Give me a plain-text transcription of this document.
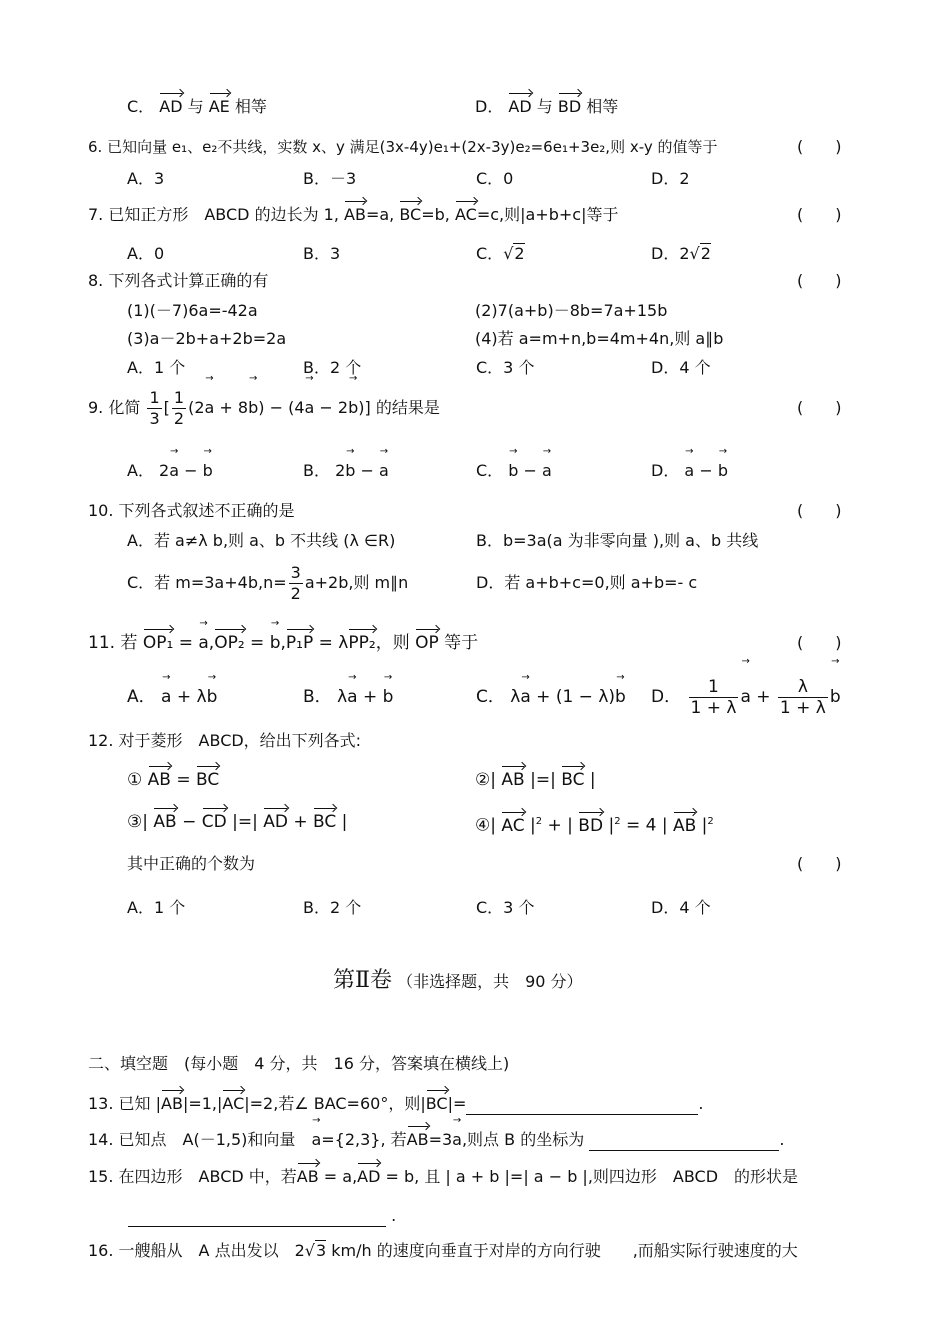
C． AD 与 AE 相等	D． AD 与 BD 相等
6. 已知向量 e₁、e₂不共线，实数 x、y 满足(3x-4y)e₁+(2x-3y)e₂=6e₁+3e₂,则 x-y 的值等于	(　　)
A．3	B．－3	C．0	D．2
7. 已知正方形　ABCD 的边长为 1, AB=a, BC=b, AC=c,则|a+b+c|等于	(　　)
A．0	B．3	C．√2	D．2√2
8. 下列各式计算正确的有	(　　)
(1)(－7)6a=-42a	(2)7(a+b)－8b=7a+15b
(3)a－2b+a+2b=2a	(4)若 a=m+n,b=4m+4n,则 a∥b
A．1 个	B．2 个	C．3 个	D．4 个
9. 化简 $\frac{1}{3}$ [ $\frac{1}{2} (2\to a + 8\to b) - (4\to a - 2\to b)$] 的结果是	(　　)
A． 2→ a − → b	B． 2→ b − → a	C． → b − → a	D． → a − → b
10. 下列各式叙述不正确的是	(　　)
A．若 a≠λ b,则 a、b 不共线 (λ ∈R)	B．b=3a(a 为非零向量 ),则 a、b 共线
C．若 $m=3a+4b,n= \frac{3}{2} a+2b$,则 m∥n	D．若 a+b+c=0,则 a+b=- c
11. 若 OP₁ = → a,OP₂ = → b,P₁P = λPP₂，则 OP 等于	(　　)
A． → a + λ→ b	B． λ→ a + → b	C． λ→ a + (1 − λ)→ b D． $\frac{1}{1 + \lambda}$
→ $a + \frac{\lambda}{1 + \lambda}$
→ b
12. 对于菱形　ABCD，给出下列各式:
① AB = BC	②| AB |=| BC |
③| AB − CD |=| AD + BC |	④| AC $|^2$ + | BD $|^2 = 4$ | AB $|^2$
其中正确的个数为	(　　)
A．1 个	B．2 个	C．3 个	D．4 个
第Ⅱ卷 （非选择题，共　90 分）
二、填空题　(每小题　4 分，共　16 分，答案填在横线上)
13. 已知 |AB|=1,|AC|=2,若∠ BAC=60°，则|BC|=	.
14. 已知点　A(－1,5)和向量　→ a={2,3}, 若AB=3→ a,则点 B 的坐标为	.
15. 在四边形　ABCD 中，若AB = a,AD = b, 且 | a + b |=| a − b |,则四边形　ABCD　的形状是
.
16. 一艘船从　A 点出发以　2√3 km/h 的速度向垂直于对岸的方向行驶　　,而船实际行驶速度的大
